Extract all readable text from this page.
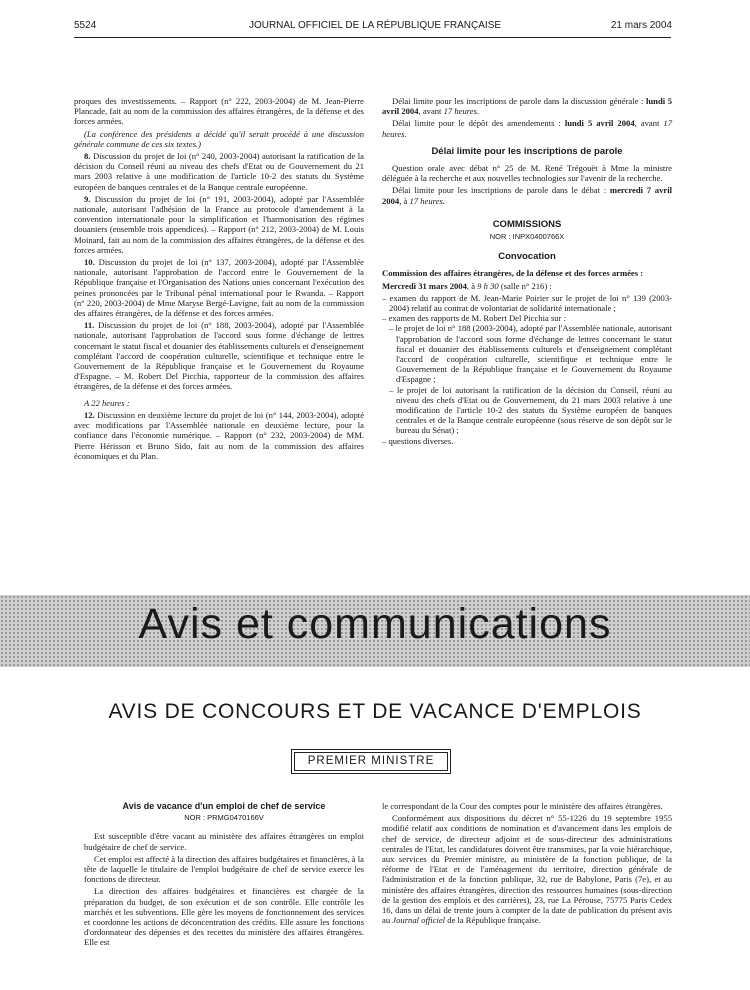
5524	JOURNAL OFFICIEL DE LA RÉPUBLIQUE FRANÇAISE	21 mars 2004

proques des investissements. – Rapport (n° 222, 2003-2004) de M. Jean-Pierre Plancade, fait au nom de la commission des affaires étrangères, de la défense et des forces armées.

(La conférence des présidents a décidé qu'il serait procédé à une discussion générale commune de ces six textes.)

8. Discussion du projet de loi (n° 240, 2003-2004) autorisant la ratification de la décision du Conseil réuni au niveau des chefs d'Etat ou de Gouvernement du 21 mars 2003 relative à une modification de l'article 10-2 des statuts du Système européen de banques centrales et de la Banque centrale européenne.

9. Discussion du projet de loi (n° 191, 2003-2004), adopté par l'Assemblée nationale, autorisant l'adhésion de la France au protocole d'amendement à la convention internationale pour la simplification et l'harmonisation des régimes douaniers (ensemble trois appendices). – Rapport (n° 212, 2003-2004) de M. Louis Moinard, fait au nom de la commission des affaires étrangères, de la défense et des forces armées.

10. Discussion du projet de loi (n° 137, 2003-2004), adopté par l'Assemblée nationale, autorisant l'approbation de l'accord entre le Gouvernement de la République française et l'Organisation des Nations unies concernant l'exécution des peines prononcées par le Tribunal pénal international pour le Rwanda. – Rapport (n° 220, 2003-2004) de Mme Maryse Bergé-Lavigne, fait au nom de la commission des affaires étrangères, de la défense et des forces armées.

11. Discussion du projet de loi (n° 188, 2003-2004), adopté par l'Assemblée nationale, autorisant l'approbation de l'accord sous forme d'échange de lettres concernant le statut fiscal et douanier des établissements culturels et d'enseignement complétant l'accord de coopération culturelle, scientifique et technique entre le Gouvernement de la République française et le Gouvernement du Royaume d'Espagne. – M. Robert Del Picchia, rapporteur de la commission des affaires étrangères, de la défense et des forces armées.

A 22 heures :

12. Discussion en deuxième lecture du projet de loi (n° 144, 2003-2004), adopté avec modifications par l'Assemblée nationale en deuxième lecture, pour la confiance dans l'économie numérique. – Rapport (n° 232, 2003-2004) de MM. Pierre Hérisson et Bruno Sido, fait au nom de la commission des affaires économiques et du Plan.

Délai limite pour les inscriptions de parole dans la discussion générale : lundi 5 avril 2004, avant 17 heures.

Délai limite pour le dépôt des amendements : lundi 5 avril 2004, avant 17 heures.

Délai limite pour les inscriptions de parole

Question orale avec débat n° 25 de M. René Trégouët à Mme la ministre déléguée à la recherche et aux nouvelles technologies sur l'avenir de la recherche.

Délai limite pour les inscriptions de parole dans le débat : mercredi 7 avril 2004, à 17 heures.

COMMISSIONS

NOR : INPX0400766X

Convocation

Commission des affaires étrangères, de la défense et des forces armées :

Mercredi 31 mars 2004, à 9 h 30 (salle n° 216) :

– examen du rapport de M. Jean-Marie Poirier sur le projet de loi n° 139 (2003-2004) relatif au contrat de volontariat de solidarité internationale ;
– examen des rapports de M. Robert Del Picchia sur :
– le projet de loi n° 188 (2003-2004), adopté par l'Assemblée nationale, autorisant l'approbation de l'accord sous forme d'échange de lettres concernant le statut fiscal et douanier des établissements culturels et d'enseignement complétant l'accord de coopération culturelle, scientifique et technique entre le Gouvernement de la République française et le Gouvernement du Royaume d'Espagne ;
– le projet de loi autorisant la ratification de la décision du Conseil, réuni au niveau des chefs d'Etat ou de Gouvernement, du 21 mars 2003 relative à une modification de l'article 10-2 des statuts du Système européen de banques centrales et de la Banque centrale européenne (sous réserve de son dépôt sur le bureau du Sénat) ;
– questions diverses.
Avis et communications
AVIS DE CONCOURS ET DE VACANCE D'EMPLOIS
PREMIER MINISTRE

Avis de vacance d'un emploi de chef de service

NOR : PRMG0470166V

Est susceptible d'être vacant au ministère des affaires étrangères un emploi budgétaire de chef de service.

Cet emploi est affecté à la direction des affaires budgétaires et financières, à la tête de laquelle le titulaire de l'emploi budgétaire de chef de service exerce les fonctions de directeur.

La direction des affaires budgétaires et financières est chargée de la préparation du budget, de son exécution et de son contrôle. Elle contrôle les marchés et les subventions. Elle gère les moyens de fonctionnement des services et coordonne les actions de déconcentration des crédits. Elle assure les fonctions d'ordonnateur des dépenses et des recettes du ministère des affaires étrangères. Elle est

le correspondant de la Cour des comptes pour le ministère des affaires étrangères.

Conformément aux dispositions du décret n° 55-1226 du 19 septembre 1955 modifié relatif aux conditions de nomination et d'avancement dans les emplois de chef de service, de directeur adjoint et de sous-directeur des administrations centrales de l'Etat, les candidatures doivent être transmises, par la voie hiérarchique, aux services du Premier ministre, au ministère de la fonction publique, de la réforme de l'Etat et de l'aménagement du territoire, direction générale de l'administration et de la fonction publique, 32, rue de Babylone, Paris (7e), et au ministère des affaires étrangères, direction des ressources humaines (sous-direction de la gestion des emplois et des carrières), 23, rue La Pérouse, 75775 Paris Cedex 16, dans un délai de trente jours à compter de la date de publication du présent avis au Journal officiel de la République française.
